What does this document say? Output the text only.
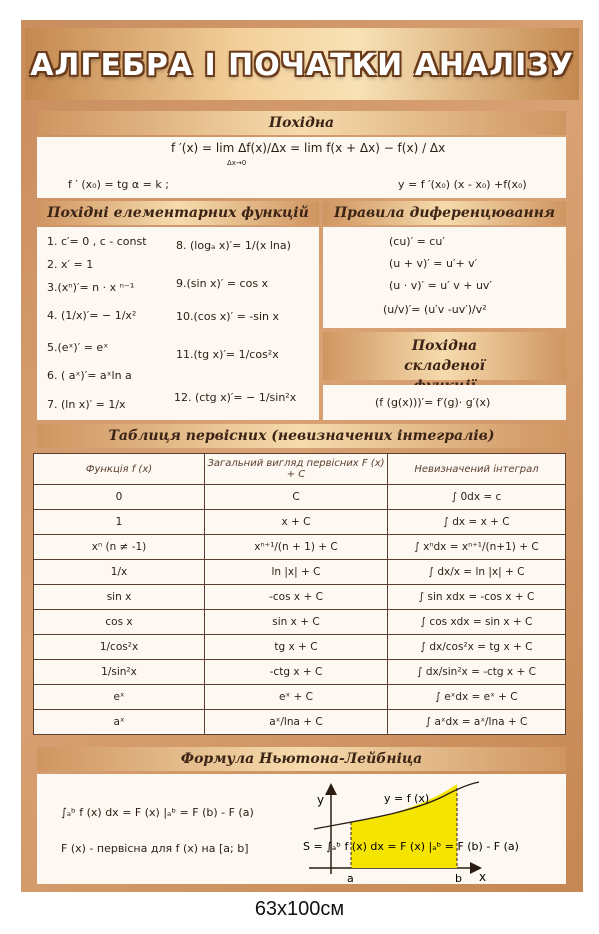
АЛГЕБРА І ПОЧАТКИ АНАЛІЗУ
Похідна
f ′(x) = lim Δf(x)/Δx = lim f(x + Δx) − f(x) / Δx
Δx→0
f ′ (x₀) = tg α = k ;	y = f ′(x₀) (x - x₀) +f(x₀)
Похідні елементарних функцій
1. c′= 0 , c - const
2. x′ = 1
3.(xⁿ)′= n · x ⁿ⁻¹
4. (1/x)′= − 1/x²
5.(eˣ)′ = eˣ
6. ( aˣ)′= aˣln a
7. (ln x)′ = 1/x
8. (logₐ x)′= 1/(x lna)
9.(sin x)′ = cos x
10.(cos x)′ = -sin x
11.(tg x)′= 1/cos²x
12. (ctg x)′= − 1/sin²x
Правила диференцювання
(cu)′ = cu′
(u + v)′ = u′+ v′
(u · v)′ = u′ v + uv′
(u/v)′= (u′v -uv′)/v²
Похідна складеної
(f (g(x)))′= f′(g)· g′(x)
Таблиця первісних (невизначених інтегралів)
Функція f (x)	Загальний вигляд первісних F (x) + C	Невизначений інтеграл
0	C	∫ 0dx = c
1	x + C	∫ dx = x + C
xⁿ (n ≠ -1)	xⁿ⁺¹/(n + 1) + C	∫ xⁿdx = xⁿ⁺¹/(n+1) + C
1/x	ln |x| + C	∫ dx/x = ln |x| + C
sin x	-cos x + C	∫ sin xdx = -cos x + C
cos x	sin x + C	∫ cos xdx = sin x + C
1/cos²x	tg x + C	∫ dx/cos²x = tg x + C
1/sin²x	-ctg x + C	∫ dx/sin²x = -ctg x + C
eˣ	eˣ + C	∫ eˣdx = eˣ + C
aˣ	aˣ/lna + C	∫ aˣdx = aˣ/lna + C
Формула Ньютона-Лейбніца
∫ₐᵇ f (x) dx = F (x) |ₐᵇ = F (b) - F (a)
F (x) - первісна для f (x) на [a; b]
y
x
y = f (x)
a	b
S = ∫ₐᵇ f (x) dx = F (x) |ₐᵇ = F (b) - F (a)
63x100см
